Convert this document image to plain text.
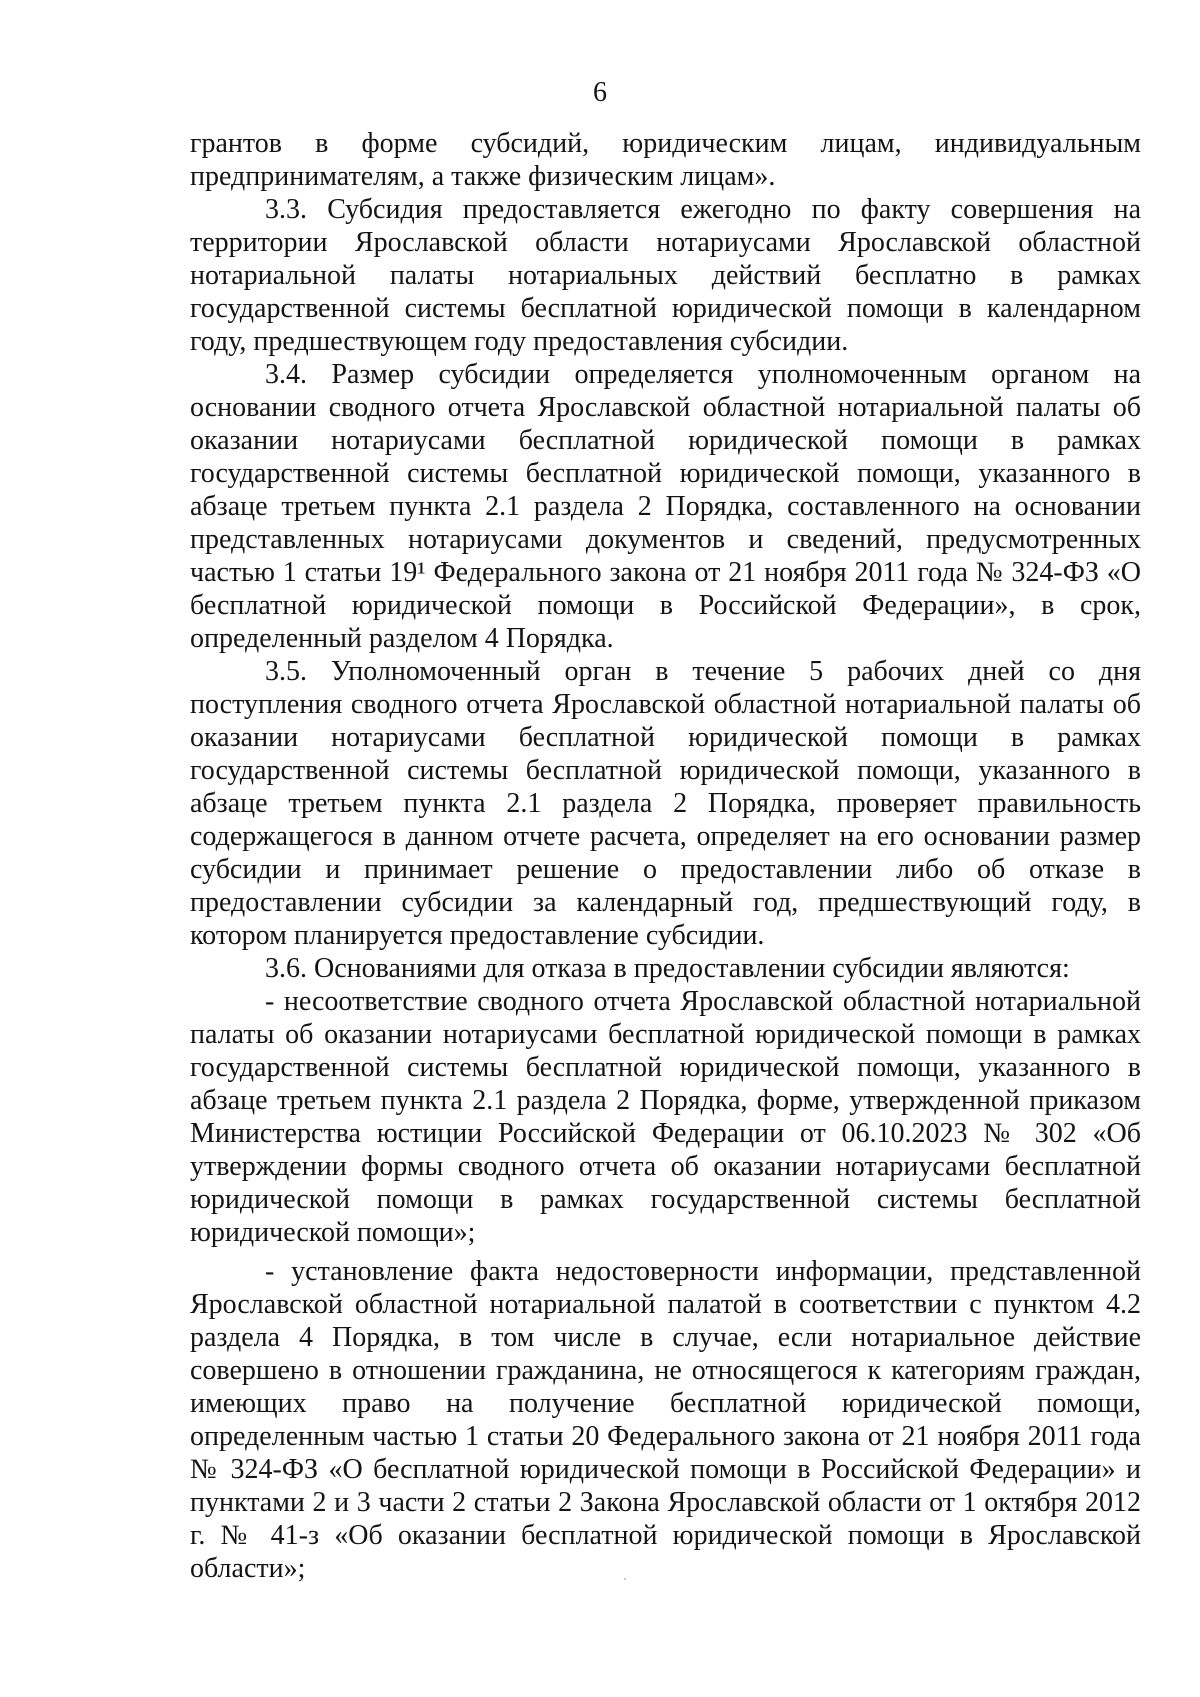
6

грантов в форме субсидий, юридическим лицам, индивидуальным предпринимателям, а также физическим лицам».

3.3. Субсидия предоставляется ежегодно по факту совершения на территории Ярославской области нотариусами Ярославской областной нотариальной палаты нотариальных действий бесплатно в рамках государственной системы бесплатной юридической помощи в календарном году, предшествующем году предоставления субсидии.

3.4. Размер субсидии определяется уполномоченным органом на основании сводного отчета Ярославской областной нотариальной палаты об оказании нотариусами бесплатной юридической помощи в рамках государственной системы бесплатной юридической помощи, указанного в абзаце третьем пункта 2.1 раздела 2 Порядка, составленного на основании представленных нотариусами документов и сведений, предусмотренных частью 1 статьи 19¹ Федерального закона от 21 ноября 2011 года № 324-ФЗ «О бесплатной юридической помощи в Российской Федерации», в срок, определенный разделом 4 Порядка.

3.5. Уполномоченный орган в течение 5 рабочих дней со дня поступления сводного отчета Ярославской областной нотариальной палаты об оказании нотариусами бесплатной юридической помощи в рамках государственной системы бесплатной юридической помощи, указанного в абзаце третьем пункта 2.1 раздела 2 Порядка, проверяет правильность содержащегося в данном отчете расчета, определяет на его основании размер субсидии и принимает решение о предоставлении либо об отказе в предоставлении субсидии за календарный год, предшествующий году, в котором планируется предоставление субсидии.

3.6. Основаниями для отказа в предоставлении субсидии являются:

- несоответствие сводного отчета Ярославской областной нотариальной палаты об оказании нотариусами бесплатной юридической помощи в рамках государственной системы бесплатной юридической помощи, указанного в абзаце третьем пункта 2.1 раздела 2 Порядка, форме, утвержденной приказом Министерства юстиции Российской Федерации от 06.10.2023 № 302 «Об утверждении формы сводного отчета об оказании нотариусами бесплатной юридической помощи в рамках государственной системы бесплатной юридической помощи»;

- установление факта недостоверности информации, представленной Ярославской областной нотариальной палатой в соответствии с пунктом 4.2 раздела 4 Порядка, в том числе в случае, если нотариальное действие совершено в отношении гражданина, не относящегося к категориям граждан, имеющих право на получение бесплатной юридической помощи, определенным частью 1 статьи 20 Федерального закона от 21 ноября 2011 года № 324-ФЗ «О бесплатной юридической помощи в Российской Федерации» и пунктами 2 и 3 части 2 статьи 2 Закона Ярославской области от 1 октября 2012 г. № 41-з «Об оказании бесплатной юридической помощи в Ярославской области»;
